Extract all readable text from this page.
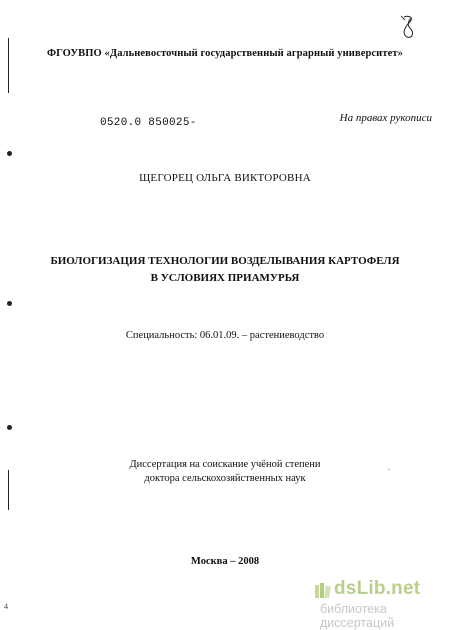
4
ФГОУВПО «Дальневосточный государственный аграрный университет»
0520.0 850025-	На правах рукописи
ЩЕГОРЕЦ ОЛЬГА ВИКТОРОВНА
БИОЛОГИЗАЦИЯ ТЕХНОЛОГИИ ВОЗДЕЛЫВАНИЯ КАРТОФЕЛЯ
В УСЛОВИЯХ ПРИАМУРЬЯ
Специальность: 06.01.09. – растениеводство
Диссертация на соискание учёной степени
доктора сельскохозяйственных наук
.
Москва – 2008
dsLib.net
библиотека диссертаций
